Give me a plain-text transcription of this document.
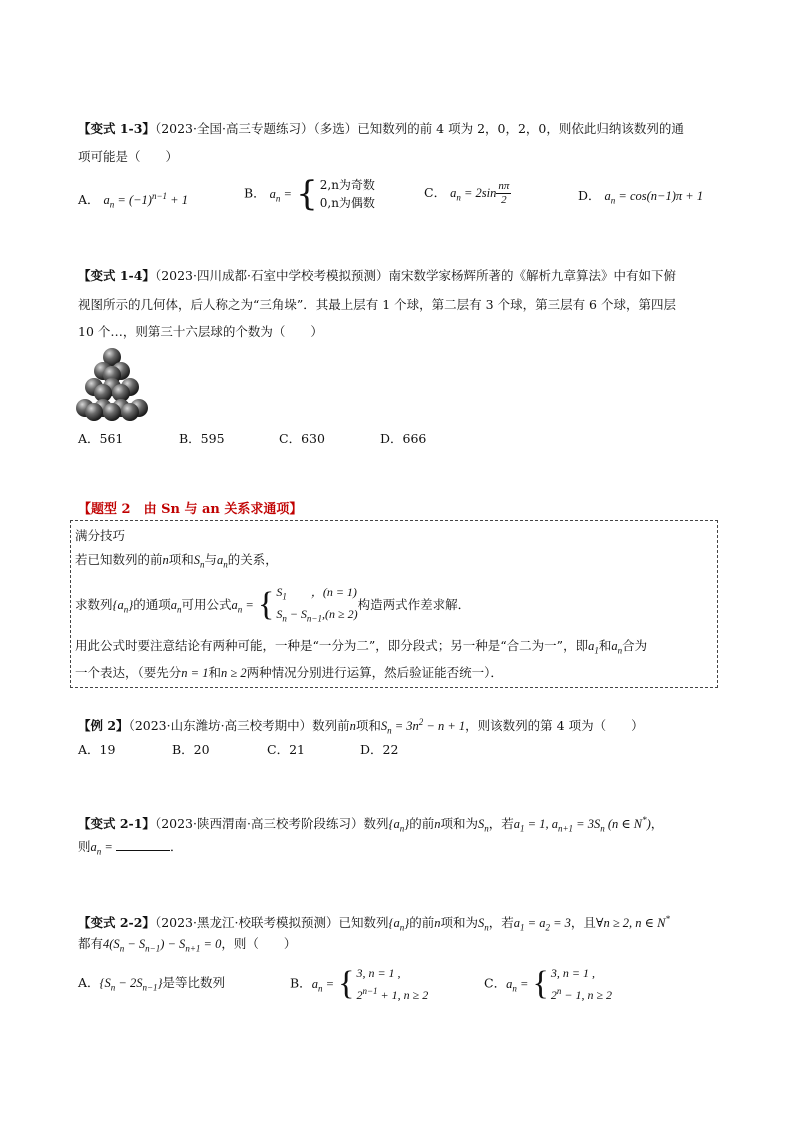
【变式 1-3】（2023·全国·高三专题练习）（多选）已知数列的前 4 项为 2，0，2，0，则依此归纳该数列的通
项可能是（　　）
A． $a_n = (-1)^{n-1} + 1$	B． $a_n$ = { 2,n为奇数
0,n为偶数
C． $a_n = 2\sin \frac{n\pi}{2}$	D． $a_n = \cos(n-1)\pi + 1$
【变式 1-4】（2023·四川成都·石室中学校考模拟预测）南宋数学家杨辉所著的《解析九章算法》中有如下俯
视图所示的几何体，后人称之为“三角垛”．其最上层有 1 个球，第二层有 3 个球，第三层有 6 个球，第四层
10 个…，则第三十六层球的个数为（　　）
A．561	B．595	C．630	D．666
【题型 2　由 Sn 与 an 关系求通项】
满分技巧
若已知数列的前n项和$S_n$与$a_n$的关系，
求数列$\{a_n\}$的通项$a_n$可用公式$a_n$ = { $S_1$　　 ，(n = 1)
$S_n - S_{n-1},(n \ge 2)$
构造两式作差求解．
用此公式时要注意结论有两种可能，一种是“一分为二”，即分段式；另一种是“合二为一”，即$a_1$和$a_n$合为
一个表达，（要先分n = 1和n ≥ 2两种情况分别进行运算，然后验证能否统一）．
【例 2】（2023·山东潍坊·高三校考期中）数列前n项和$S_n = 3n^2 - n + 1$，则该数列的第 4 项为（　　）
A．19	B．20	C．21	D．22
【变式 2-1】（2023·陕西渭南·高三校考阶段练习）数列$\{a_n\}$的前n项和为$S_n$，若$a_1 = 1$, $a_{n+1} = 3S_n$ (n ∈ N*)，
则$a_n$ =	．
【变式 2-2】（2023·黑龙江·校联考模拟预测）已知数列$\{a_n\}$的前n项和为$S_n$，若$a_1 = a_2 = 3$，且∀n ≥ 2, n ∈ N*
都有$4(S_n - S_{n-1}) - S_{n+1} = 0$，则（　　）
A．$\{S_n - 2S_{n-1}\}$是等比数列	B．$a_n$ = { 3, n = 1 ,
$2^{n-1} + 1$, n ≥ 2
C．$a_n$ = { 3, n = 1 ,
$2^n - 1$, n ≥ 2
